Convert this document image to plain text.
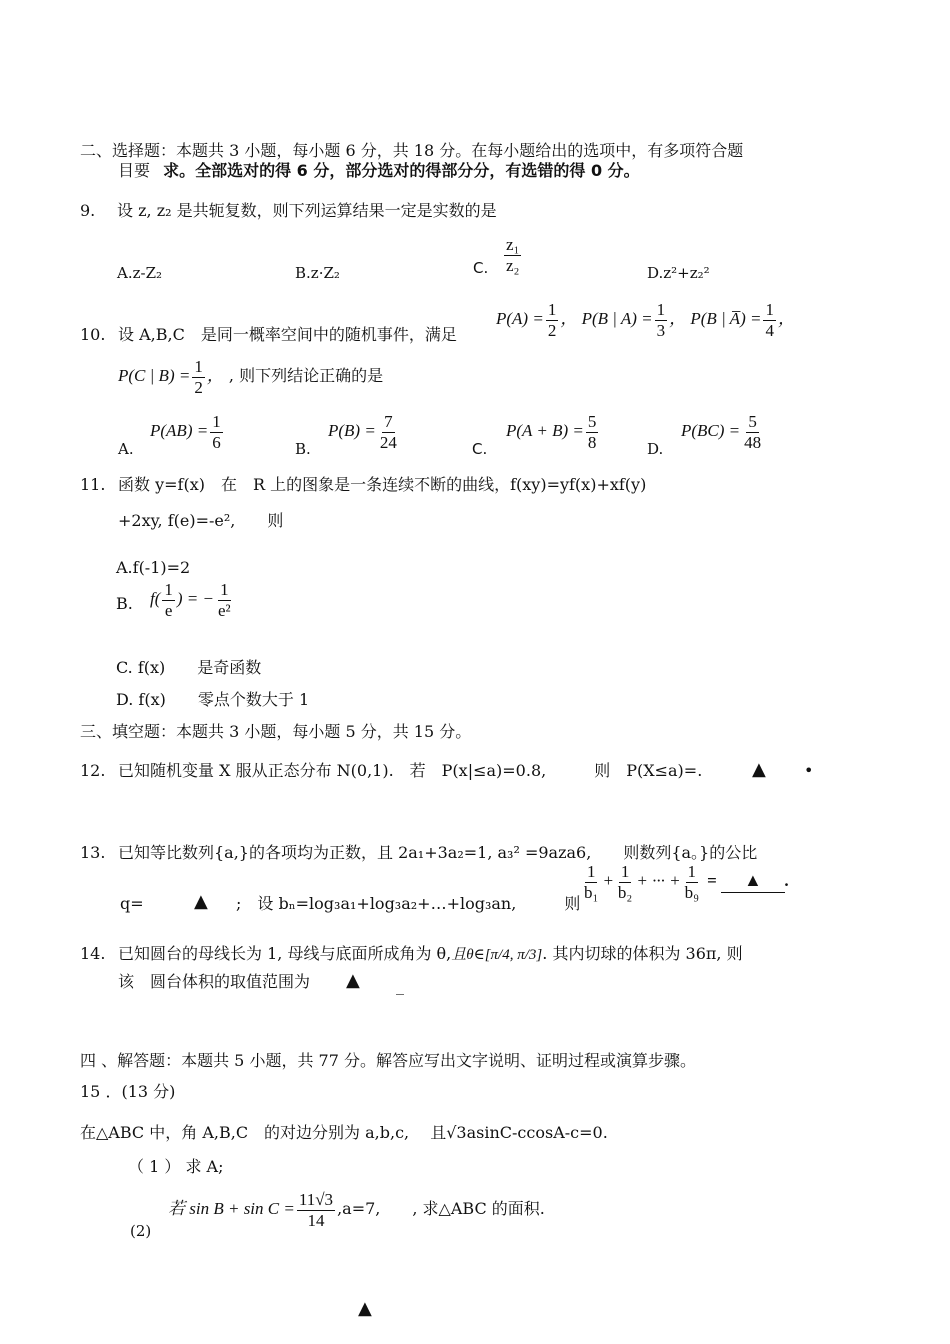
二、选择题：本题共 3 小题，每小题 6 分，共 18 分。在每小题给出的选项中，有多项符合题
目要 求。全部选对的得 6 分，部分选对的得部分分，有选错的得 0 分。
9. 设 z, z₂ 是共轭复数，则下列运算结果一定是实数的是
A.z-Z₂	B.z·Z₂	C. $\frac{\text{z₁}}{\text{z₂}}$	D.z²+z₂²
10. 设 A,B,C　是同一概率空间中的随机事件，满足
$P(A) = \frac{1}{2}$ ， P(B | $A) = \frac{1}{3}$ ， P(B | A̅) = $\frac{1}{4}$ ，
P(C | $B) = \frac{1}{2}$ ， , 则下列结论正确的是
A.
$P(AB) = \frac{1}{6}$	B.
$P(B) = \frac{7}{24}$	C.
$P(A + B) = \frac{5}{8}$	D.
$P(BC) = \frac{5}{48}$
11. 函数 y=f(x)　在　R 上的图象是一条连续不断的曲线，f(xy)=yf(x)+xf(y)
+2xy, f(e)=-e²,　　则
A.f(-1)=2
B. $f( \frac{1}{e}$ ) = − $\frac{1}{\text{e²}}$
C. f(x)　　是奇函数
D. f(x)　　零点个数大于 1
三、填空题：本题共 3 小题，每小题 5 分，共 15 分。
12. 已知随机变量 X 服从正态分布 N(0,1).　若　P(x|≤a)=0.8,　　　则　P(X≤a)=.	▲ •
13. 已知等比数列{a,}的各项均为正数，且 2a₁+3a₂=1, a₃² =9aza6,　　则数列{a。}的公比
q=	▲ ;　设 bₙ=log₃a₁+log₃a₂+…+log₃an,　　　则
$\frac{1}{\text{b₁}} + \frac{1}{\text{b₂}}$ + ··· + $\frac{1}{\text{b₉}}$ = ▲ .
14. 已知圆台的母线长为 1, 母线与底面所成角为 θ,且θ∈[π/4, π/3]. 其内切球的体积为 36π, 则
该　圆台体积的取值范围为 ▲ _
四 、解答题：本题共 5 小题，共 77 分。解答应写出文字说明、证明过程或演算步骤。
15 ．(13 分)
在△ABC 中，角 A,B,C　的对边分别为 a,b,c,　 且√3asinC-ccosA-c=0.
（ 1 ） 求 A;
(2)
若 $\sin B + \sin C = \frac{11√3}{14} ,a=7$,　　, 求△ABC 的面积.
▲
